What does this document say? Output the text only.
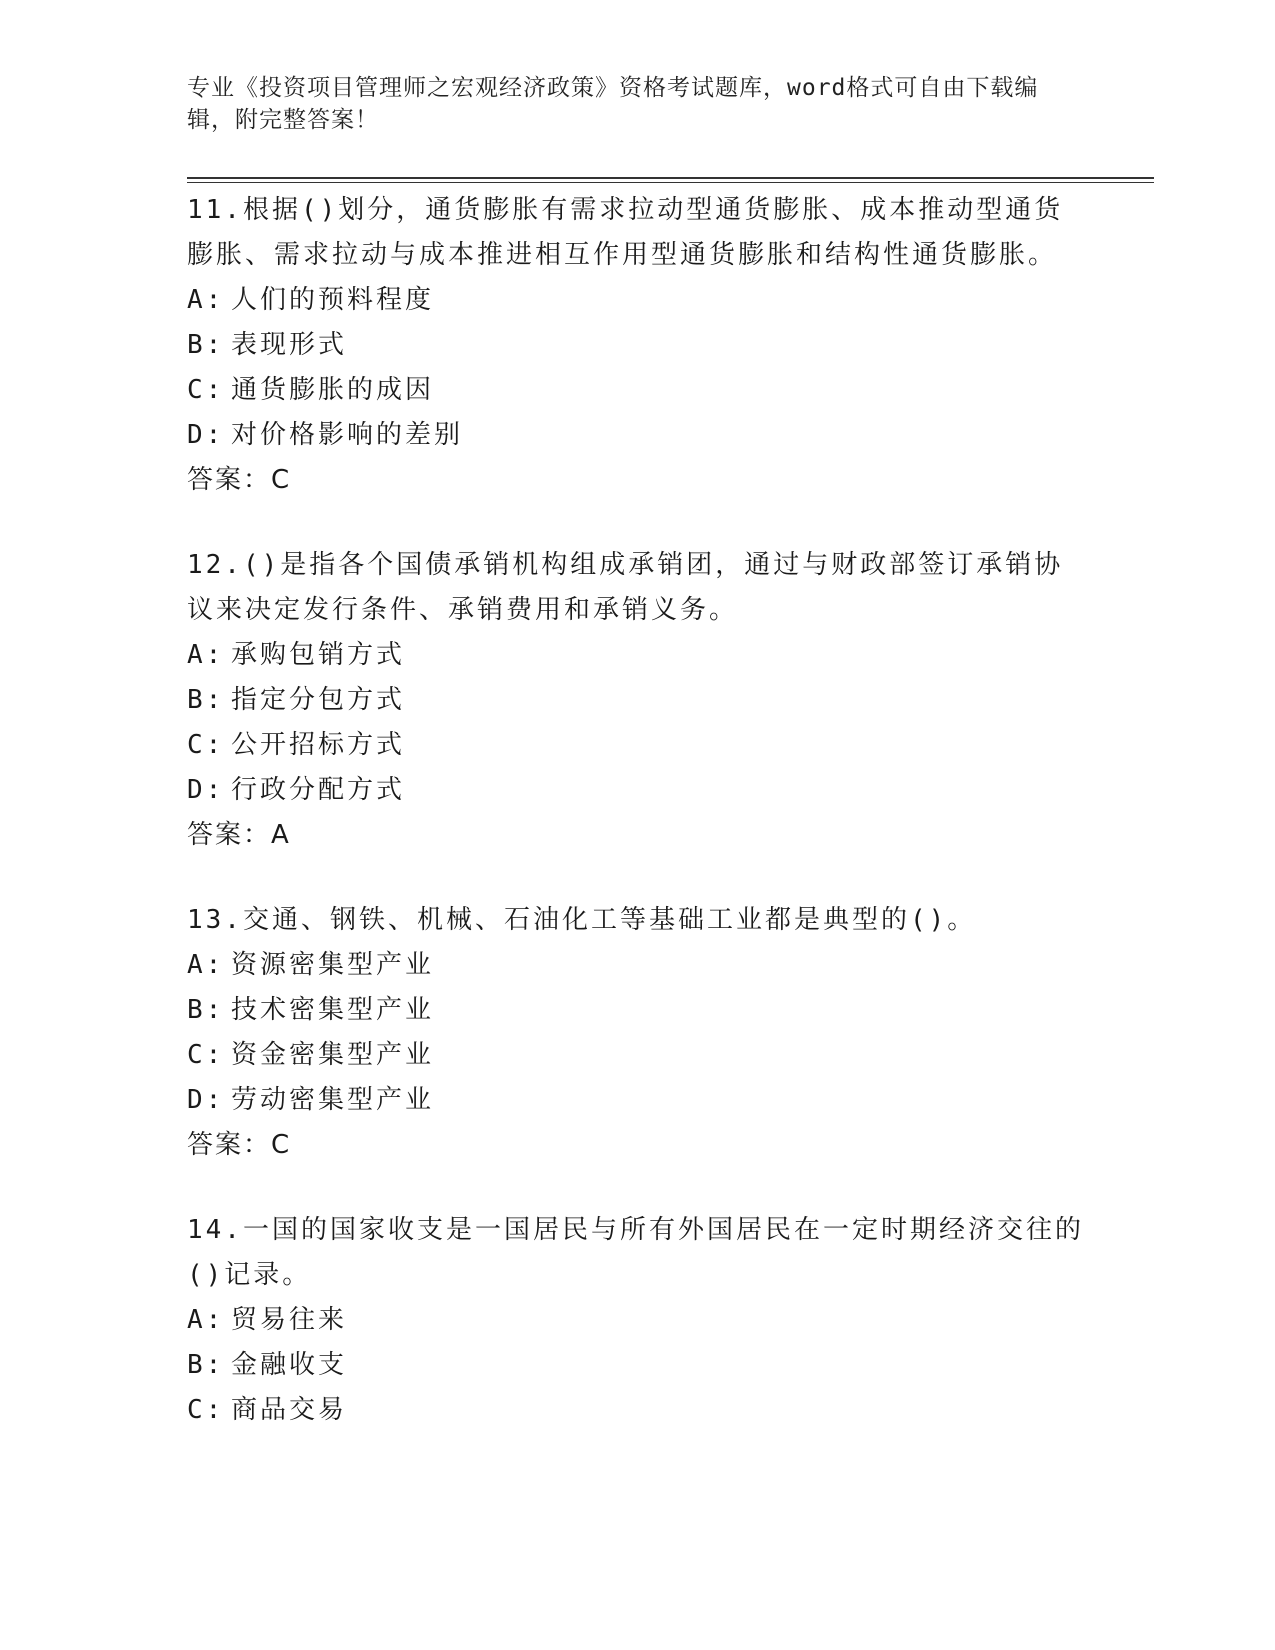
专业《投资项目管理师之宏观经济政策》资格考试题库，word格式可自由下载编辑，附完整答案！

11.根据()划分，通货膨胀有需求拉动型通货膨胀、成本推动型通货膨胀、需求拉动与成本推进相互作用型通货膨胀和结构性通货膨胀。

A: 人们的预料程度

B: 表现形式

C: 通货膨胀的成因

D: 对价格影响的差别

答案：C

12.()是指各个国债承销机构组成承销团，通过与财政部签订承销协议来决定发行条件、承销费用和承销义务。

A: 承购包销方式

B: 指定分包方式

C: 公开招标方式

D: 行政分配方式

答案：A

13.交通、钢铁、机械、石油化工等基础工业都是典型的()。

A: 资源密集型产业

B: 技术密集型产业

C: 资金密集型产业

D: 劳动密集型产业

答案：C

14.一国的国家收支是一国居民与所有外国居民在一定时期经济交往的()记录。

A: 贸易往来

B: 金融收支

C: 商品交易
